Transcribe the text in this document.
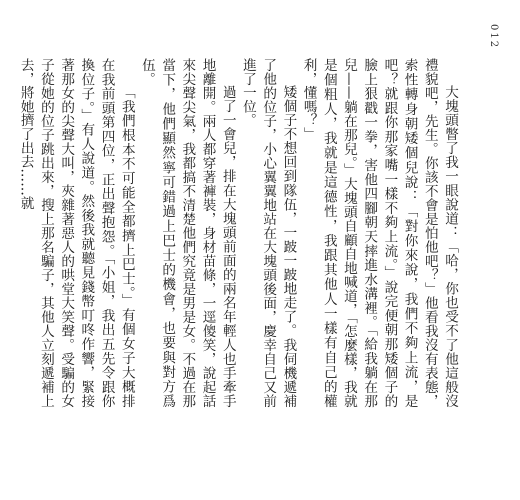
012

大塊頭瞥了我一眼說道：「哈，你也受不了他這般沒禮貌吧，先生。你該不會是怕他吧？」他看我沒有表態，索性轉身朝矮個兒說：「對你來說，我們不夠上流，是吧？就跟你那家嘴一樣不夠上流。」說完便朝那矮個子的臉上狠戳一拳，害他四腳朝天摔進水溝裡。「給我躺在那兒——躺在那兒。」大塊頭自顧自地喊道，「怎麼樣，我就是個粗人，我就是這德性，我跟其他人一樣有自己的權利，懂嗎？」

矮個子不想回到隊伍，一跛一跛地走了。我伺機遞補了他的位子，小心翼翼地站在大塊頭後面，慶幸自己又前進了一位。

過了一會兒，排在大塊頭前面的兩名年輕人也手牽手地離開。兩人都穿著褲裝，身材苗條，一逕傻笑，說起話來尖聲尖氣，我都搞不清楚他們究竟是男是女。不過在那當下，他們顯然寧可錯過上巴士的機會，也要與對方爲伍。

「我們根本不可能全都擠上巴士。」有個女子大概排在我前頭第四位，正出聲抱怨。「小姐，我出五先令跟你換位子。」有人說道。然後我就聽見錢幣叮咚作響，緊接著那女的尖聲大叫，夾雜著惡人的哄堂大笑聲。受騙的女子從她的位子跳出來，搜上那名騙子，其他人立刻遞補上去，將她擠了出去……就
